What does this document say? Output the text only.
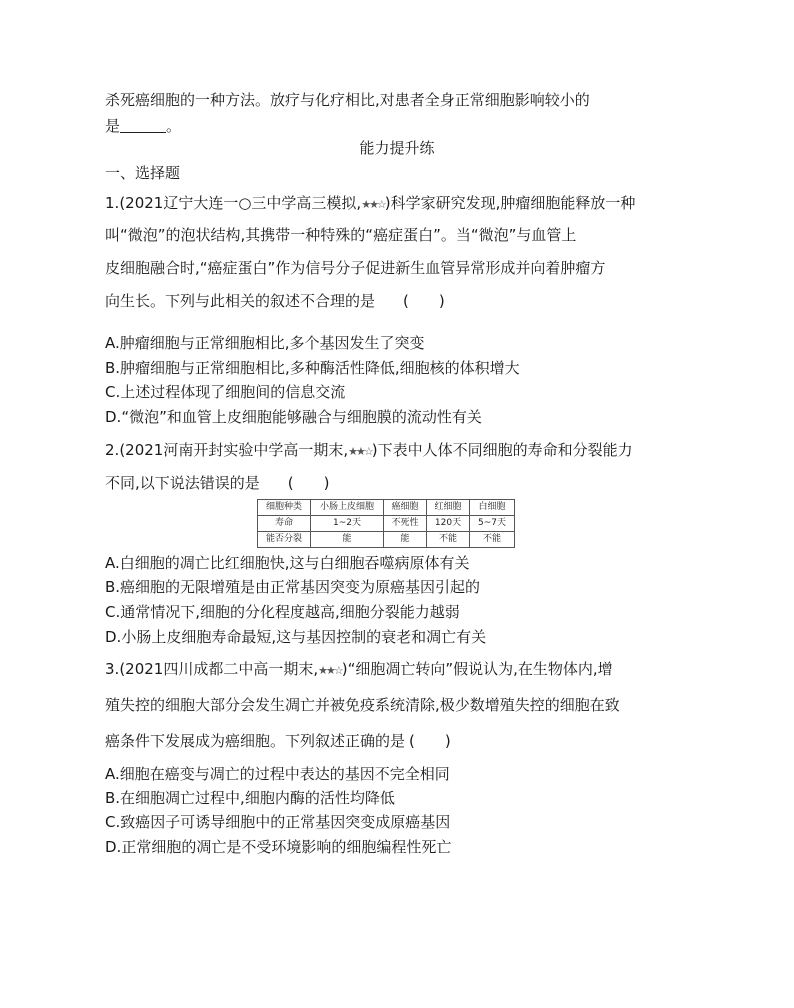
杀死癌细胞的一种方法。放疗与化疗相比,对患者全身正常细胞影响较小的
是	。
能力提升练
一、选择题
1.(2021辽宁大连一○三中学高三模拟,★★☆)科学家研究发现,肿瘤细胞能释放一种
叫“微泡”的泡状结构,其携带一种特殊的“癌症蛋白”。当“微泡”与血管上
皮细胞融合时,“癌症蛋白”作为信号分子促进新生血管异常形成并向着肿瘤方
向生长。下列与此相关的叙述不合理的是 (　　)
A.肿瘤细胞与正常细胞相比,多个基因发生了突变
B.肿瘤细胞与正常细胞相比,多种酶活性降低,细胞核的体积增大
C.上述过程体现了细胞间的信息交流
D.“微泡”和血管上皮细胞能够融合与细胞膜的流动性有关
2.(2021河南开封实验中学高一期末,★★☆)下表中人体不同细胞的寿命和分裂能力
不同,以下说法错误的是 (　　)
细胞种类	小肠上皮细胞	癌细胞	红细胞	白细胞
寿命	1~2天	不死性	120天	5~7天
能否分裂	能	能	不能	不能
A.白细胞的凋亡比红细胞快,这与白细胞吞噬病原体有关
B.癌细胞的无限增殖是由正常基因突变为原癌基因引起的
C.通常情况下,细胞的分化程度越高,细胞分裂能力越弱
D.小肠上皮细胞寿命最短,这与基因控制的衰老和凋亡有关
3.(2021四川成都二中高一期末,★★☆)“细胞凋亡转向”假说认为,在生物体内,增
殖失控的细胞大部分会发生凋亡并被免疫系统清除,极少数增殖失控的细胞在致
癌条件下发展成为癌细胞。下列叙述正确的是 (　　)
A.细胞在癌变与凋亡的过程中表达的基因不完全相同
B.在细胞凋亡过程中,细胞内酶的活性均降低
C.致癌因子可诱导细胞中的正常基因突变成原癌基因
D.正常细胞的凋亡是不受环境影响的细胞编程性死亡
